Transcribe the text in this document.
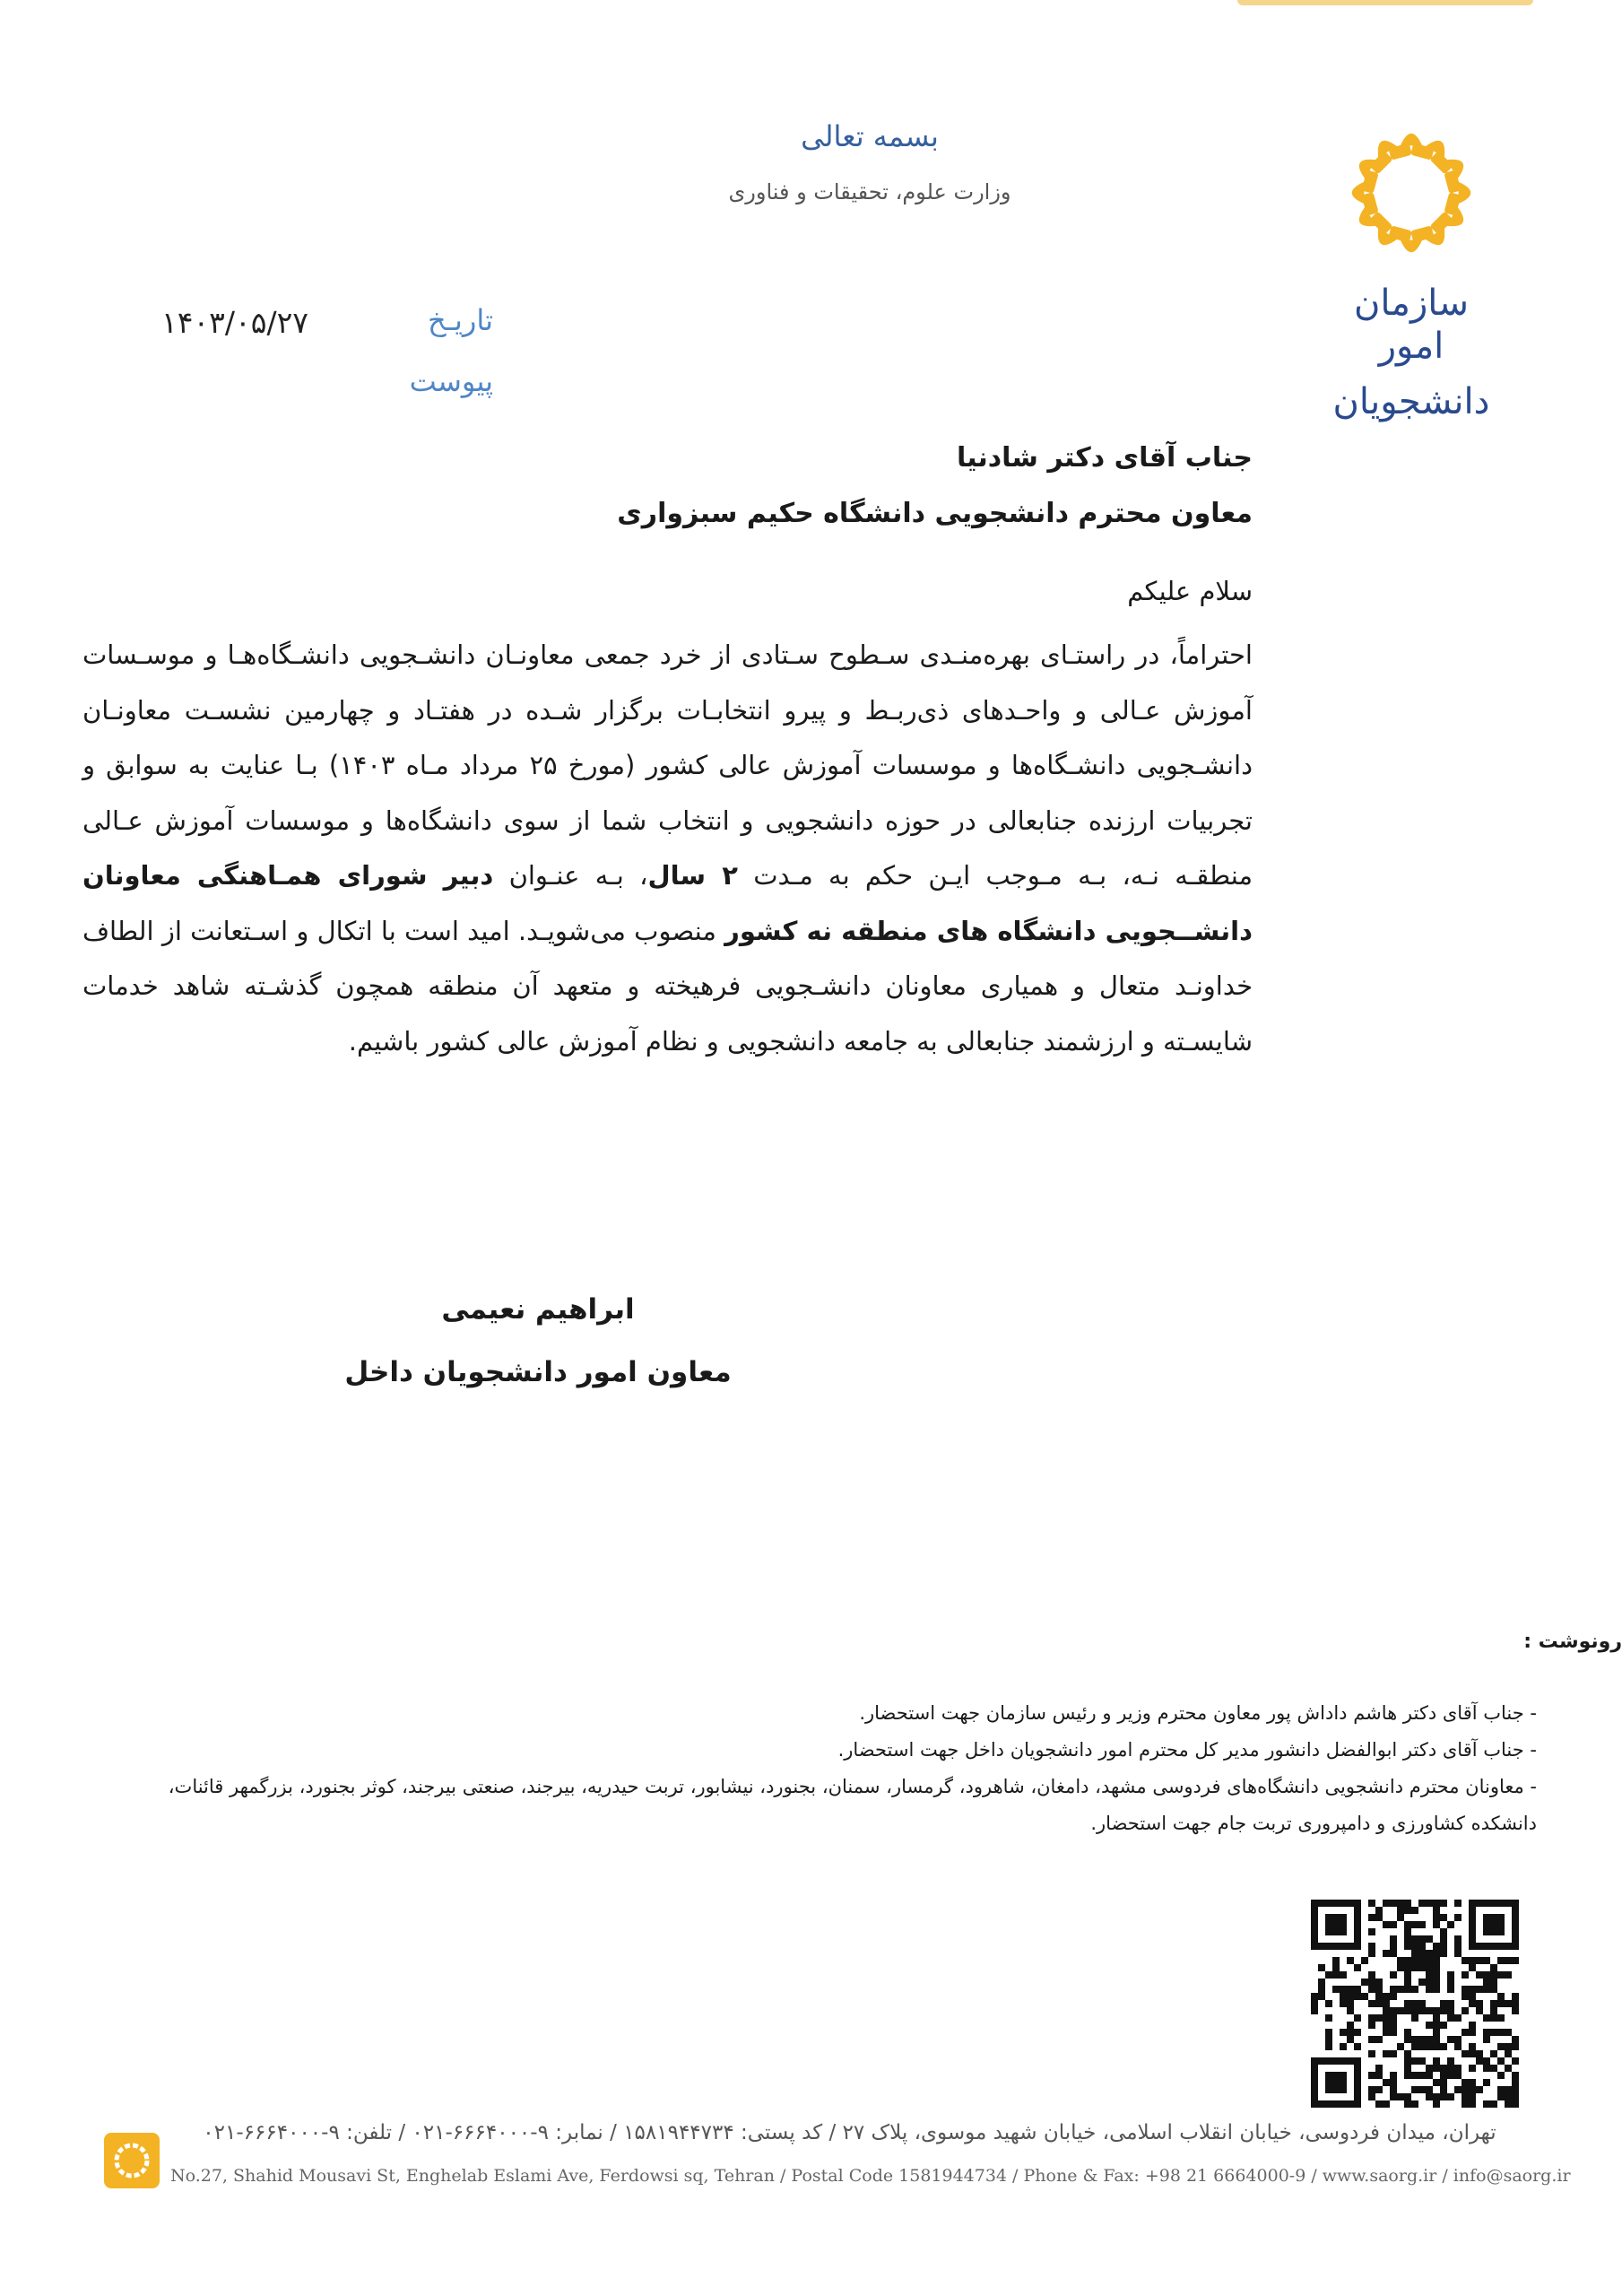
سازمان امور
دانشجویان
بسمه تعالی
وزارت علوم، تحقیقات و فناوری
تاریـخ
پیوست
۱۴۰۳/۰۵/۲۷
جناب آقای دکتر شادنیا
معاون محترم دانشجویی دانشگاه حکیم سبزواری
سلام علیکم
احتراماً، در راستـای بهره‌منـدی سـطوح سـتادی از خرد جمعی معاونـان دانشـجویی دانشـگاه‌هـا و موسـسات آموزش عـالی و واحـدهای ذی‌ربـط و پیرو انتخابـات برگزار شـده در هفتـاد و چهارمین نشسـت معاونـان دانشـجویی دانشـگاه‌ها و موسسات آموزش عالی کشور (مورخ ۲۵ مرداد مـاه ۱۴۰۳) بـا عنایت به سوابق و تجربیات ارزنده جنابعالی در حوزه دانشجویی و انتخاب شما از سوی دانشگاه‌ها و موسسات آموزش عـالی منطقـه نـه، بـه مـوجب ایـن حکم به مـدت ۲ سال، بـه عنـوان دبیر شورای همـاهنگی معاونان دانشــجویی دانشگاه های منطقه نه کشور منصوب می‌شویـد. امید است با اتکال و اسـتعانت از الطاف خداونـد متعال و همیاری معاونان دانشـجویی فرهیخته و متعهد آن منطقه همچون گذشـته شاهد خدمات شایسـته و ارزشمند جنابعالی به جامعه دانشجویی و نظام آموزش عالی کشور باشیم.
ابراهیم نعیمی
معاون امور دانشجویان داخل
رونوشت :
- جناب آقای دکتر هاشم داداش پور معاون محترم وزیر و رئیس سازمان جهت استحضار.
- جناب آقای دکتر ابوالفضل دانشور مدیر کل محترم امور دانشجویان داخل جهت استحضار.
- معاونان محترم دانشجویی دانشگاه‌های فردوسی مشهد، دامغان، شاهرود، گرمسار، سمنان، بجنورد، نیشابور، تربت حیدریه، بیرجند، صنعتی بیرجند، کوثر بجنورد، بزرگمهر قائنات، دانشکده کشاورزی و دامپروری تربت جام جهت استحضار.
تهران، میدان فردوسی، خیابان انقلاب اسلامی، خیابان شهید موسوی، پلاک ۲۷ / کد پستی: ۱۵۸۱۹۴۴۷۳۴ / نمابر: ۹-۶۶۶۴۰۰۰-۰۲۱ / تلفن: ۹-۶۶۶۴۰۰۰-۰۲۱
No.27, Shahid Mousavi St, Enghelab Eslami Ave, Ferdowsi sq, Tehran / Postal Code 1581944734 / Phone & Fax: +98 21 6664000-9 / www.saorg.ir / info@saorg.ir
